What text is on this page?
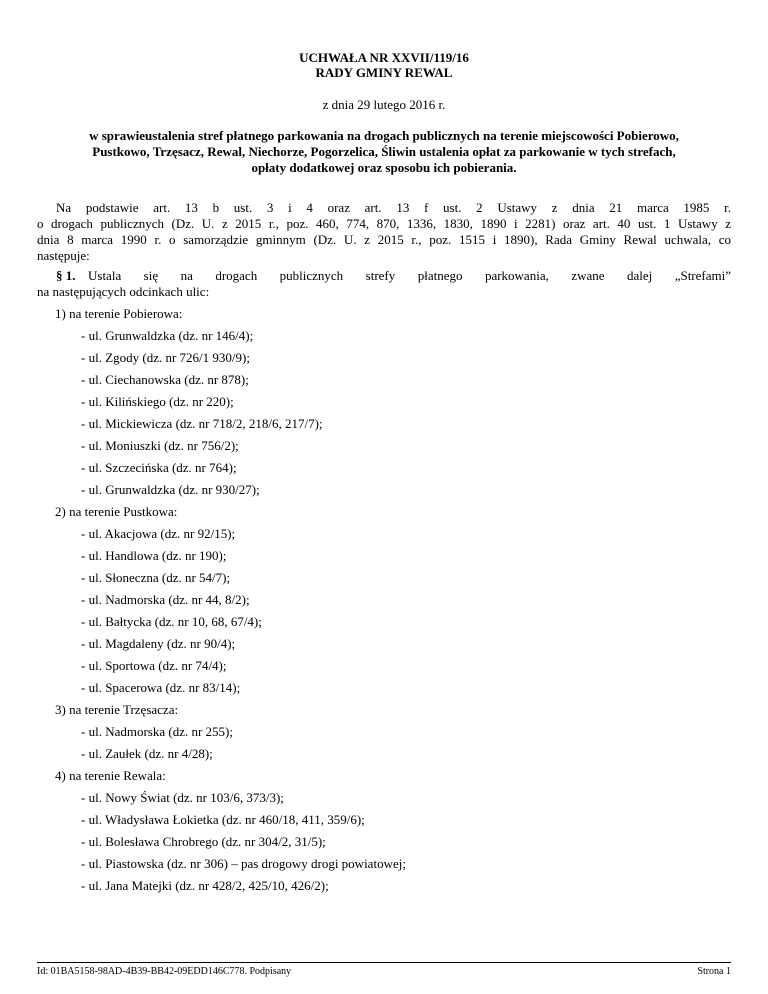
UCHWAŁA NR XXVII/119/16
RADY GMINY REWAL
z dnia 29 lutego 2016 r.
w sprawieustalenia stref płatnego parkowania na drogach publicznych na terenie miejscowości Pobierowo,
Pustkowo, Trzęsacz, Rewal, Niechorze, Pogorzelica, Śliwin ustalenia opłat za parkowanie w tych strefach,
opłaty dodatkowej oraz sposobu ich pobierania.
Na podstawie art. 13 b ust. 3 i 4 oraz art. 13 f ust. 2 Ustawy z dnia 21 marca 1985 r.
o drogach publicznych (Dz. U. z 2015 r., poz. 460, 774, 870, 1336, 1830, 1890 i 2281) oraz art. 40 ust. 1 Ustawy z
dnia 8 marca 1990 r. o samorządzie gminnym (Dz. U. z 2015 r., poz. 1515 i 1890), Rada Gminy Rewal uchwala, co
następuje:
§ 1. Ustala się na drogach publicznych strefy płatnego parkowania, zwane dalej „Strefami”
na następujących odcinkach ulic:
1) na terenie Pobierowa:
- ul. Grunwaldzka (dz. nr 146/4);
- ul. Zgody (dz. nr 726/1 930/9);
- ul. Ciechanowska (dz. nr 878);
- ul. Kilińskiego (dz. nr 220);
- ul. Mickiewicza (dz. nr 718/2, 218/6, 217/7);
- ul. Moniuszki (dz. nr 756/2);
- ul. Szczecińska (dz. nr 764);
- ul. Grunwaldzka (dz. nr 930/27);
2) na terenie Pustkowa:
- ul. Akacjowa (dz. nr 92/15);
- ul. Handlowa (dz. nr 190);
- ul. Słoneczna (dz. nr 54/7);
- ul. Nadmorska (dz. nr 44, 8/2);
- ul. Bałtycka (dz. nr 10, 68, 67/4);
- ul. Magdaleny (dz. nr 90/4);
- ul. Sportowa (dz. nr 74/4);
- ul. Spacerowa (dz. nr 83/14);
3) na terenie Trzęsacza:
- ul. Nadmorska (dz. nr 255);
- ul. Zaułek (dz. nr 4/28);
4) na terenie Rewala:
- ul. Nowy Świat (dz. nr 103/6, 373/3);
- ul. Władysława Łokietka (dz. nr 460/18, 411, 359/6);
- ul. Bolesława Chrobrego (dz. nr 304/2, 31/5);
- ul. Piastowska (dz. nr 306) – pas drogowy drogi powiatowej;
- ul. Jana Matejki (dz. nr 428/2, 425/10, 426/2);
Id: 01BA5158-98AD-4B39-BB42-09EDD146C778. Podpisany	Strona 1
